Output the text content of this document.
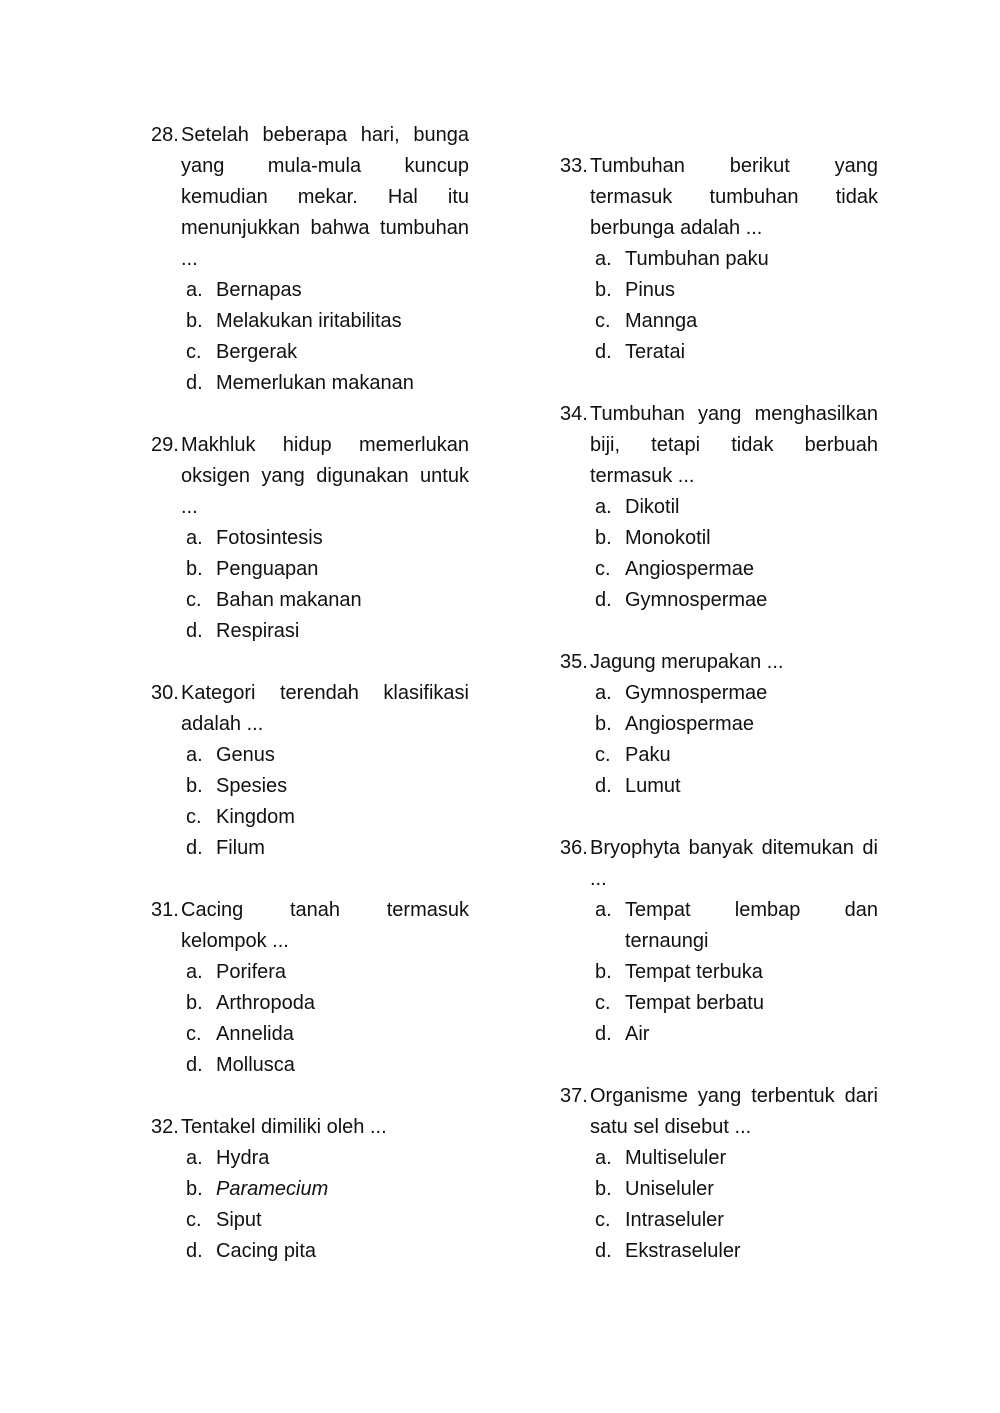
28. Setelah beberapa hari, bunga yang mula-mula kuncup kemudian mekar. Hal itu menunjukkan bahwa tumbuhan ...
a. Bernapas
b. Melakukan iritabilitas
c. Bergerak
d. Memerlukan makanan
29. Makhluk hidup memerlukan oksigen yang digunakan untuk ...
a. Fotosintesis
b. Penguapan
c. Bahan makanan
d. Respirasi
30. Kategori terendah klasifikasi adalah ...
a. Genus
b. Spesies
c. Kingdom
d. Filum
31. Cacing tanah termasuk kelompok ...
a. Porifera
b. Arthropoda
c. Annelida
d. Mollusca
32. Tentakel dimiliki oleh ...
a. Hydra
b. Paramecium
c. Siput
d. Cacing pita
33. Tumbuhan berikut yang termasuk tumbuhan tidak berbunga adalah ...
a. Tumbuhan paku
b. Pinus
c. Mannga
d. Teratai
34. Tumbuhan yang menghasilkan biji, tetapi tidak berbuah termasuk ...
a. Dikotil
b. Monokotil
c. Angiospermae
d. Gymnospermae
35. Jagung merupakan ...
a. Gymnospermae
b. Angiospermae
c. Paku
d. Lumut
36. Bryophyta banyak ditemukan di ...
a. Tempat lembap dan ternaungi
b. Tempat terbuka
c. Tempat berbatu
d. Air
37. Organisme yang terbentuk dari satu sel disebut ...
a. Multiseluler
b. Uniseluler
c. Intraseluler
d. Ekstraseluler
